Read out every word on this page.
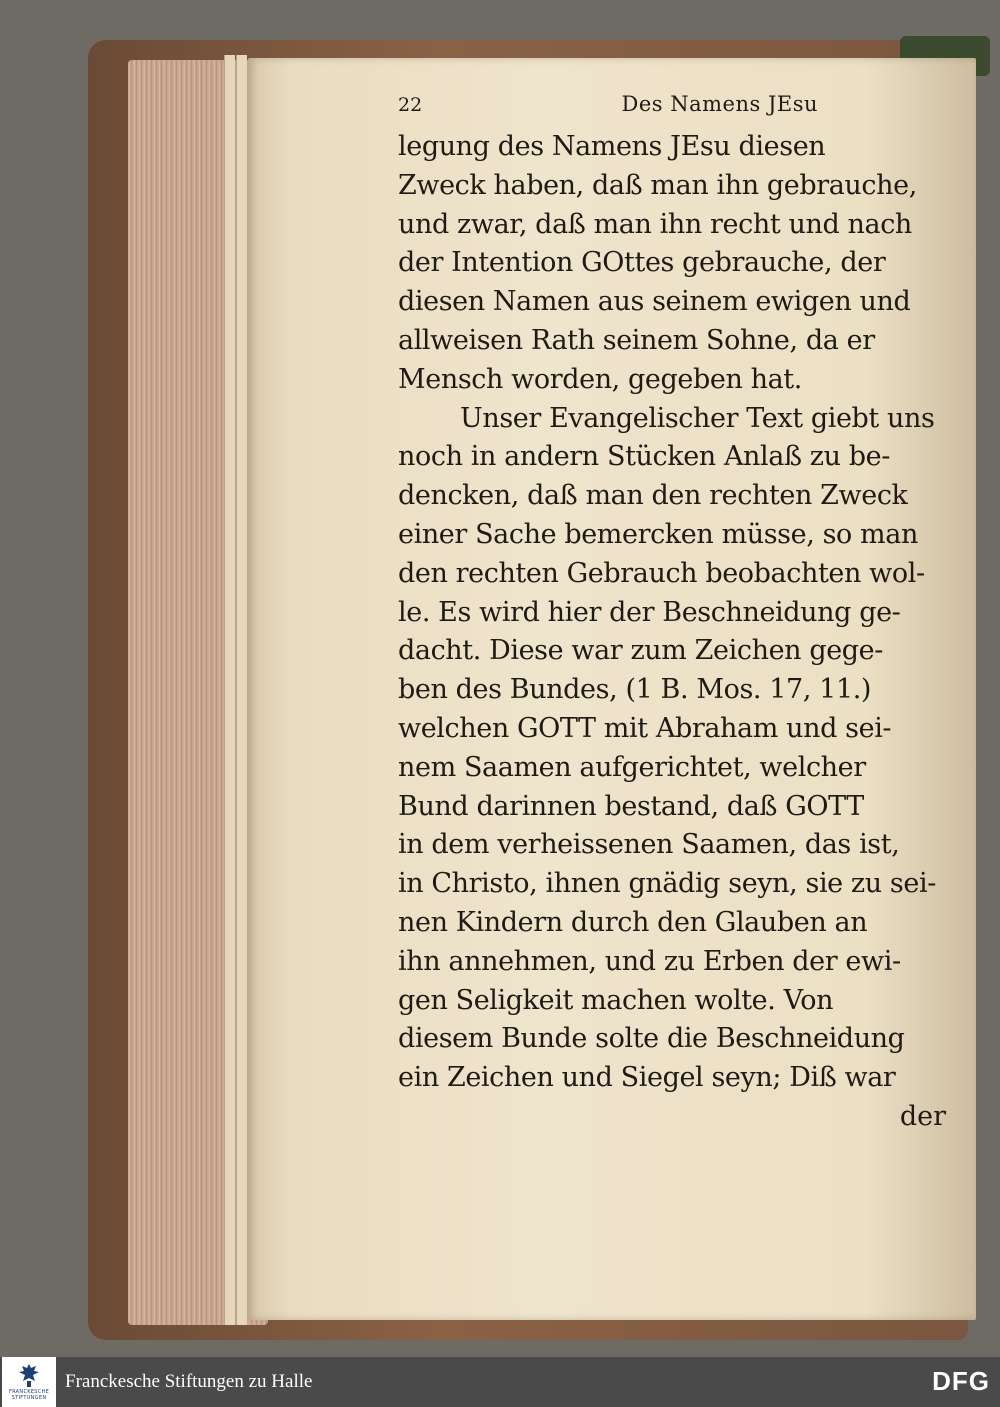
22	Des Namens JEsu
legung des Namens JEsu diesen
Zweck haben, daß man ihn gebrauche,
und zwar, daß man ihn recht und nach
der Intention GOttes gebrauche, der
diesen Namen aus seinem ewigen und
allweisen Rath seinem Sohne, da er
Mensch worden, gegeben hat.
Unser Evangelischer Text giebt uns
noch in andern Stücken Anlaß zu be-
dencken, daß man den rechten Zweck
einer Sache bemercken müsse, so man
den rechten Gebrauch beobachten wol-
le. Es wird hier der Beschneidung ge-
dacht. Diese war zum Zeichen gege-
ben des Bundes, (1 B. Mos. 17, 11.)
welchen GOTT mit Abraham und sei-
nem Saamen aufgerichtet, welcher
Bund darinnen bestand, daß GOTT
in dem verheissenen Saamen, das ist,
in Christo, ihnen gnädig seyn, sie zu sei-
nen Kindern durch den Glauben an
ihn annehmen, und zu Erben der ewi-
gen Seligkeit machen wolte. Von
diesem Bunde solte die Beschneidung
ein Zeichen und Siegel seyn; Diß war
der
FRANCKESCHE
STIFTUNGEN
Franckesche Stiftungen zu Halle	DFG
